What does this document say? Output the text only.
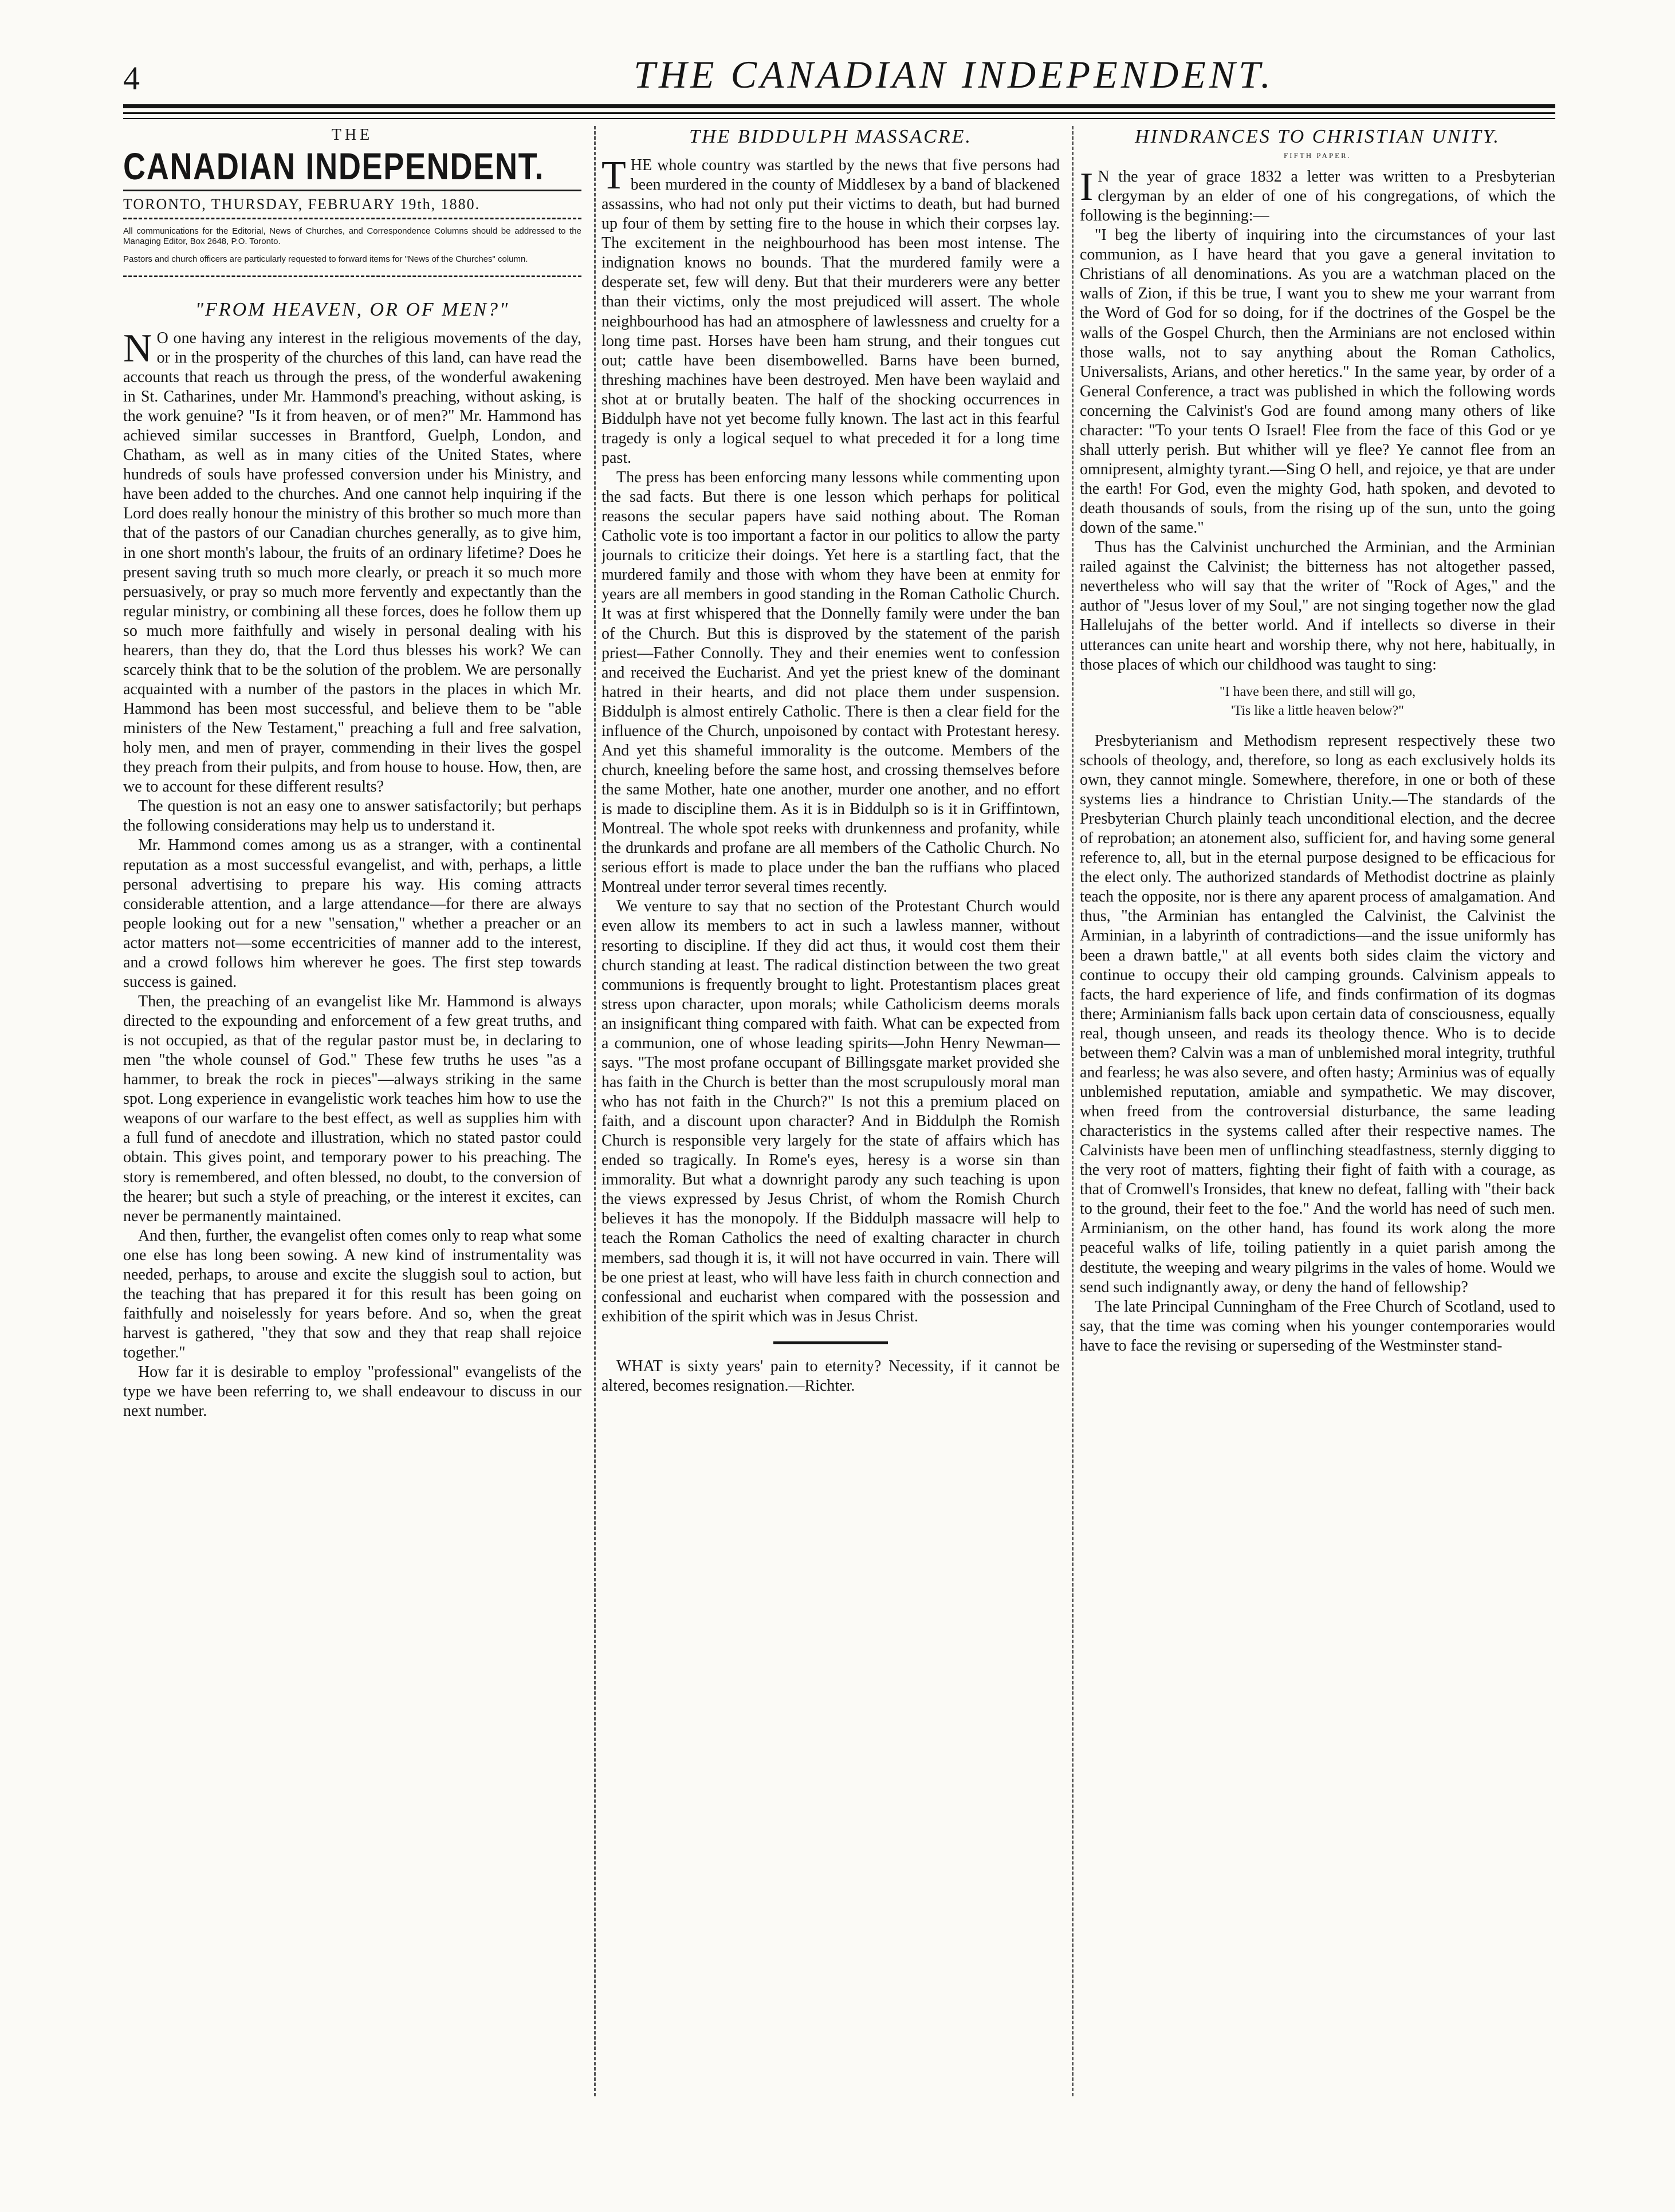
4	THE CANADIAN INDEPENDENT.
THE
CANADIAN INDEPENDENT.
TORONTO, THURSDAY, FEBRUARY 19th, 1880.

All communications for the Editorial, News of Churches, and Correspondence Columns should be addressed to the Managing Editor, Box 2648, P.O. Toronto.

Pastors and church officers are particularly requested to forward items for "News of the Churches" column.

"FROM HEAVEN, OR OF MEN?"

NO one having any interest in the religious movements of the day, or in the prosperity of the churches of this land, can have read the accounts that reach us through the press, of the wonderful awakening in St. Catharines, under Mr. Hammond's preaching, without asking, is the work genuine? "Is it from heaven, or of men?" Mr. Hammond has achieved similar successes in Brantford, Guelph, London, and Chatham, as well as in many cities of the United States, where hundreds of souls have professed conversion under his Ministry, and have been added to the churches. And one cannot help inquiring if the Lord does really honour the ministry of this brother so much more than that of the pastors of our Canadian churches generally, as to give him, in one short month's labour, the fruits of an ordinary lifetime? Does he present saving truth so much more clearly, or preach it so much more persuasively, or pray so much more fervently and expectantly than the regular ministry, or combining all these forces, does he follow them up so much more faithfully and wisely in personal dealing with his hearers, than they do, that the Lord thus blesses his work? We can scarcely think that to be the solution of the problem. We are personally acquainted with a number of the pastors in the places in which Mr. Hammond has been most successful, and believe them to be "able ministers of the New Testament," preaching a full and free salvation, holy men, and men of prayer, commending in their lives the gospel they preach from their pulpits, and from house to house. How, then, are we to account for these different results?

The question is not an easy one to answer satisfactorily; but perhaps the following considerations may help us to understand it.

Mr. Hammond comes among us as a stranger, with a continental reputation as a most successful evangelist, and with, perhaps, a little personal advertising to prepare his way. His coming attracts considerable attention, and a large attendance—for there are always people looking out for a new "sensation," whether a preacher or an actor matters not—some eccentricities of manner add to the interest, and a crowd follows him wherever he goes. The first step towards success is gained.

Then, the preaching of an evangelist like Mr. Hammond is always directed to the expounding and enforcement of a few great truths, and is not occupied, as that of the regular pastor must be, in declaring to men "the whole counsel of God." These few truths he uses "as a hammer, to break the rock in pieces"—always striking in the same spot. Long experience in evangelistic work teaches him how to use the weapons of our warfare to the best effect, as well as supplies him with a full fund of anecdote and illustration, which no stated pastor could obtain. This gives point, and temporary power to his preaching. The story is remembered, and often blessed, no doubt, to the conversion of the hearer; but such a style of preaching, or the interest it excites, can never be permanently maintained.

And then, further, the evangelist often comes only to reap what some one else has long been sowing. A new kind of instrumentality was needed, perhaps, to arouse and excite the sluggish soul to action, but the teaching that has prepared it for this result has been going on faithfully and noiselessly for years before. And so, when the great harvest is gathered, "they that sow and they that reap shall rejoice together."

How far it is desirable to employ "professional" evangelists of the type we have been referring to, we shall endeavour to discuss in our next number.

THE BIDDULPH MASSACRE.

THE whole country was startled by the news that five persons had been murdered in the county of Middlesex by a band of blackened assassins, who had not only put their victims to death, but had burned up four of them by setting fire to the house in which their corpses lay. The excitement in the neighbourhood has been most intense. The indignation knows no bounds. That the murdered family were a desperate set, few will deny. But that their murderers were any better than their victims, only the most prejudiced will assert. The whole neighbourhood has had an atmosphere of lawlessness and cruelty for a long time past. Horses have been ham strung, and their tongues cut out; cattle have been disembowelled. Barns have been burned, threshing machines have been destroyed. Men have been waylaid and shot at or brutally beaten. The half of the shocking occurrences in Biddulph have not yet become fully known. The last act in this fearful tragedy is only a logical sequel to what preceded it for a long time past.

The press has been enforcing many lessons while commenting upon the sad facts. But there is one lesson which perhaps for political reasons the secular papers have said nothing about. The Roman Catholic vote is too important a factor in our politics to allow the party journals to criticize their doings. Yet here is a startling fact, that the murdered family and those with whom they have been at enmity for years are all members in good standing in the Roman Catholic Church. It was at first whispered that the Donnelly family were under the ban of the Church. But this is disproved by the statement of the parish priest—Father Connolly. They and their enemies went to confession and received the Eucharist. And yet the priest knew of the dominant hatred in their hearts, and did not place them under suspension. Biddulph is almost entirely Catholic. There is then a clear field for the influence of the Church, unpoisoned by contact with Protestant heresy. And yet this shameful immorality is the outcome. Members of the church, kneeling before the same host, and crossing themselves before the same Mother, hate one another, murder one another, and no effort is made to discipline them. As it is in Biddulph so is it in Griffintown, Montreal. The whole spot reeks with drunkenness and profanity, while the drunkards and profane are all members of the Catholic Church. No serious effort is made to place under the ban the ruffians who placed Montreal under terror several times recently.

We venture to say that no section of the Protestant Church would even allow its members to act in such a lawless manner, without resorting to discipline. If they did act thus, it would cost them their church standing at least. The radical distinction between the two great communions is frequently brought to light. Protestantism places great stress upon character, upon morals; while Catholicism deems morals an insignificant thing compared with faith. What can be expected from a communion, one of whose leading spirits—John Henry Newman—says. "The most profane occupant of Billingsgate market provided she has faith in the Church is better than the most scrupulously moral man who has not faith in the Church?" Is not this a premium placed on faith, and a discount upon character? And in Biddulph the Romish Church is responsible very largely for the state of affairs which has ended so tragically. In Rome's eyes, heresy is a worse sin than immorality. But what a downright parody any such teaching is upon the views expressed by Jesus Christ, of whom the Romish Church believes it has the monopoly. If the Biddulph massacre will help to teach the Roman Catholics the need of exalting character in church members, sad though it is, it will not have occurred in vain. There will be one priest at least, who will have less faith in church connection and confessional and eucharist when compared with the possession and exhibition of the spirit which was in Jesus Christ.

WHAT is sixty years' pain to eternity? Necessity, if it cannot be altered, becomes resignation.—Richter.

HINDRANCES TO CHRISTIAN UNITY.
FIFTH PAPER.

IN the year of grace 1832 a letter was written to a Presbyterian clergyman by an elder of one of his congregations, of which the following is the beginning:—

"I beg the liberty of inquiring into the circumstances of your last communion, as I have heard that you gave a general invitation to Christians of all denominations. As you are a watchman placed on the walls of Zion, if this be true, I want you to shew me your warrant from the Word of God for so doing, for if the doctrines of the Gospel be the walls of the Gospel Church, then the Arminians are not enclosed within those walls, not to say anything about the Roman Catholics, Universalists, Arians, and other heretics." In the same year, by order of a General Conference, a tract was published in which the following words concerning the Calvinist's God are found among many others of like character: "To your tents O Israel! Flee from the face of this God or ye shall utterly perish. But whither will ye flee? Ye cannot flee from an omnipresent, almighty tyrant.—Sing O hell, and rejoice, ye that are under the earth! For God, even the mighty God, hath spoken, and devoted to death thousands of souls, from the rising up of the sun, unto the going down of the same."

Thus has the Calvinist unchurched the Arminian, and the Arminian railed against the Calvinist; the bitterness has not altogether passed, nevertheless who will say that the writer of "Rock of Ages," and the author of "Jesus lover of my Soul," are not singing together now the glad Hallelujahs of the better world. And if intellects so diverse in their utterances can unite heart and worship there, why not here, habitually, in those places of which our childhood was taught to sing:

"I have been there, and still will go,
'Tis like a little heaven below?"

Presbyterianism and Methodism represent respectively these two schools of theology, and, therefore, so long as each exclusively holds its own, they cannot mingle. Somewhere, therefore, in one or both of these systems lies a hindrance to Christian Unity.—The standards of the Presbyterian Church plainly teach unconditional election, and the decree of reprobation; an atonement also, sufficient for, and having some general reference to, all, but in the eternal purpose designed to be efficacious for the elect only. The authorized standards of Methodist doctrine as plainly teach the opposite, nor is there any aparent process of amalgamation. And thus, "the Arminian has entangled the Calvinist, the Calvinist the Arminian, in a labyrinth of contradictions—and the issue uniformly has been a drawn battle," at all events both sides claim the victory and continue to occupy their old camping grounds. Calvinism appeals to facts, the hard experience of life, and finds confirmation of its dogmas there; Arminianism falls back upon certain data of consciousness, equally real, though unseen, and reads its theology thence. Who is to decide between them? Calvin was a man of unblemished moral integrity, truthful and fearless; he was also severe, and often hasty; Arminius was of equally unblemished reputation, amiable and sympathetic. We may discover, when freed from the controversial disturbance, the same leading characteristics in the systems called after their respective names. The Calvinists have been men of unflinching steadfastness, sternly digging to the very root of matters, fighting their fight of faith with a courage, as that of Cromwell's Ironsides, that knew no defeat, falling with "their back to the ground, their feet to the foe." And the world has need of such men. Arminianism, on the other hand, has found its work along the more peaceful walks of life, toiling patiently in a quiet parish among the destitute, the weeping and weary pilgrims in the vales of home. Would we send such indignantly away, or deny the hand of fellowship?

The late Principal Cunningham of the Free Church of Scotland, used to say, that the time was coming when his younger contemporaries would have to face the revising or superseding of the Westminster stand-
